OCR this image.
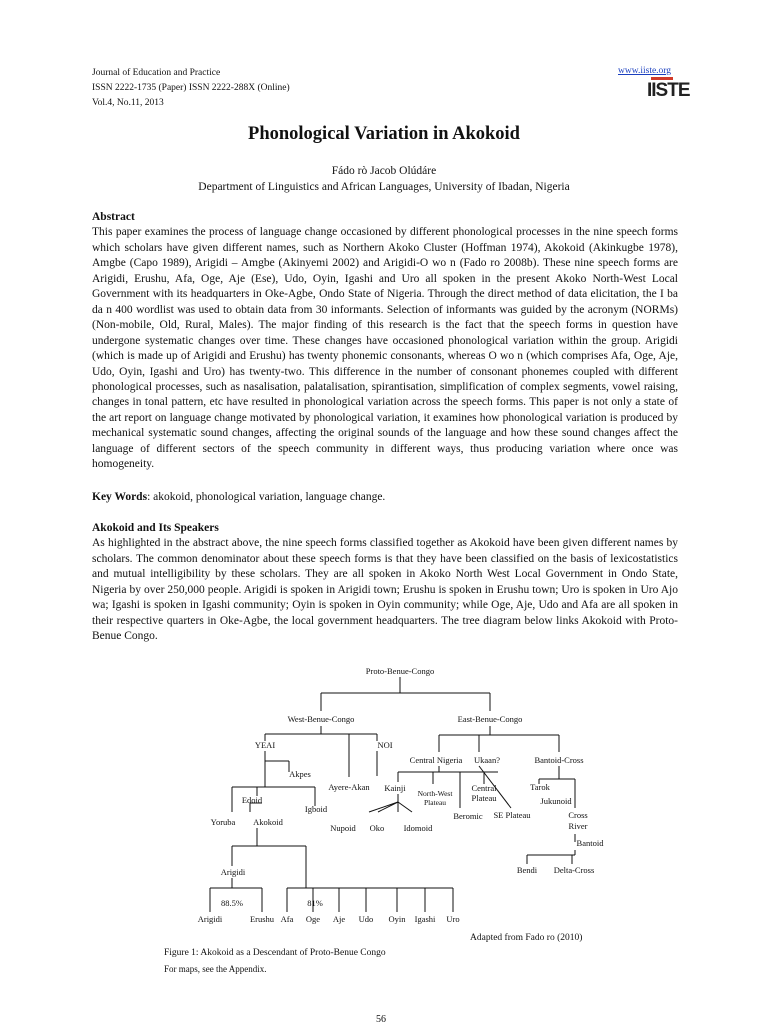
Journal of Education and Practice
ISSN 2222-1735 (Paper) ISSN 2222-288X (Online)
Vol.4, No.11, 2013
www.iiste.org
IISTE
Phonological Variation in Akokoid
Fádo rò Jacob Olúdáre
Department of Linguistics and African Languages, University of Ibadan, Nigeria
Abstract

This paper examines the process of language change occasioned by different phonological processes in the nine speech forms which scholars have given different names, such as Northern Akoko Cluster (Hoffman 1974), Akokoid (Akinkugbe 1978), Amgbe (Capo 1989), Arigidi – Amgbe (Akinyemi 2002) and Arigidi-O wo n (Fado ro 2008b). These nine speech forms are Arigidi, Erushu, Afa, Oge, Aje (Ese), Udo, Oyin, Igashi and Uro all spoken in the present Akoko North-West Local Government with its headquarters in Oke-Agbe, Ondo State of Nigeria. Through the direct method of data elicitation, the I ba da n 400 wordlist was used to obtain data from 30 informants. Selection of informants was guided by the acronym (NORMs) (Non-mobile, Old, Rural, Males). The major finding of this research is the fact that the speech forms in question have undergone systematic changes over time. These changes have occasioned phonological variation within the group. Arigidi (which is made up of Arigidi and Erushu) has twenty phonemic consonants, whereas O wo n (which comprises Afa, Oge, Aje, Udo, Oyin, Igashi and Uro) has twenty-two. This difference in the number of consonant phonemes coupled with different phonological processes, such as nasalisation, palatalisation, spirantisation, simplification of complex segments, vowel raising, changes in tonal pattern, etc have resulted in phonological variation across the speech forms. This paper is not only a state of the art report on language change motivated by phonological variation, it examines how phonological variation is produced by mechanical systematic sound changes, affecting the original sounds of the language and how these sound changes affect the language of different sectors of the speech community in different ways, thus producing variation where once was homogeneity.

Key Words: akokoid, phonological variation, language change.
Akokoid and Its Speakers

As highlighted in the abstract above, the nine speech forms classified together as Akokoid have been given different names by scholars. The common denominator about these speech forms is that they have been classified on the basis of lexicostatistics and mutual intelligibility by these scholars. They are all spoken in Akoko North West Local Government in Ondo State, Nigeria by over 250,000 people. Arigidi is spoken in Arigidi town; Erushu is spoken in Erushu town; Uro is spoken in Uro Ajo wa; Igashi is spoken in Igashi community; Oyin is spoken in Oyin community; while Oge, Aje, Udo and Afa are all spoken in their respective quarters in Oke-Agbe, the local government headquarters. The tree diagram below links Akokoid with Proto-Benue Congo.

Proto-Benue-Congo
West-Benue-Congo	East-Benue-Congo
YEAI	NOI
Akpes
Ayere-Akan
Edoid
Igboid
Yoruba Akokoid
Central Nigeria Ukaan?	Bantoid-Cross
Kainji
North-West
Plateau
Central
Plateau
Tarok
Jukunoid
Beromic SE Plateau	Cross
River
Nupoid Oko Idomoid
Bantoid
Bendi Delta-Cross
Arigidi
88.5%	81%
Arigidi	Erushu Afa Oge Aje Udo Oyin Igashi Uro
Adapted from Fado ro (2010)
Figure 1: Akokoid as a Descendant of Proto-Benue Congo
For maps, see the Appendix.
56
